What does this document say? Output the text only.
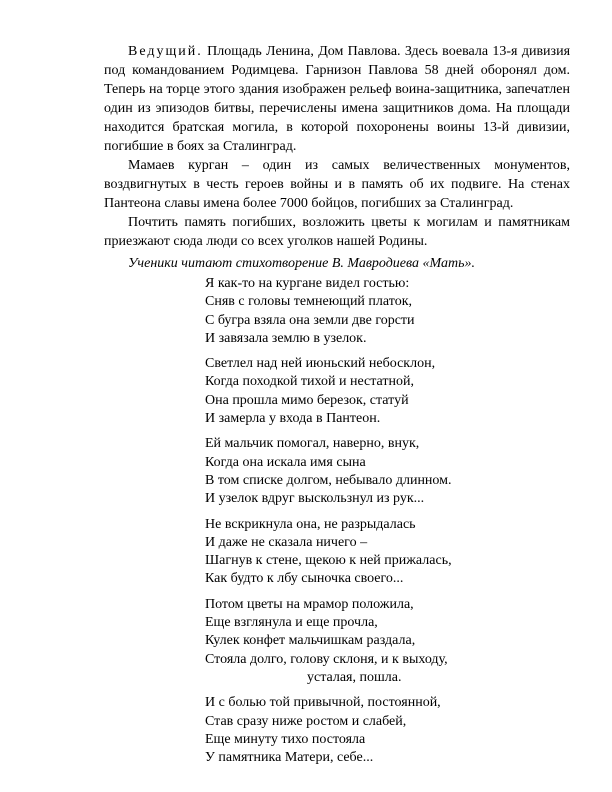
Ведущий. Площадь Ленина, Дом Павлова. Здесь воевала 13-я дивизия под командованием Родимцева. Гарнизон Павлова 58 дней оборонял дом. Теперь на торце этого здания изображен рельеф воина-защитника, запечатлен один из эпизодов битвы, перечислены имена защитников дома. На площади находится братская могила, в которой похоронены воины 13-й дивизии, погибшие в боях за Сталинград.

Мамаев курган – один из самых величественных монументов, воздвигнутых в честь героев войны и в память об их подвиге. На стенах Пантеона славы имена более 7000 бойцов, погибших за Сталинград.

Почтить память погибших, возложить цветы к могилам и памятникам приезжают сюда люди со всех уголков нашей Родины.

Ученики читают стихотворение В. Мавродиева «Мать».
Я как-то на кургане видел гостью:
Сняв с головы темнеющий платок,
С бугра взяла она земли две горсти
И завязала землю в узелок.
Светлел над ней июньский небосклон,
Когда походкой тихой и нестатной,
Она прошла мимо березок, статуй
И замерла у входа в Пантеон.
Ей мальчик помогал, наверно, внук,
Когда она искала имя сына
В том списке долгом, небывало длинном.
И узелок вдруг выскользнул из рук...
Не вскрикнула она, не разрыдалась
И даже не сказала ничего –
Шагнув к стене, щекою к ней прижалась,
Как будто к лбу сыночка своего...
Потом цветы на мрамор положила,
Еще взглянула и еще прочла,
Кулек конфет мальчишкам раздала,
Стояла долго, голову склоня, и к выходу,
усталая, пошла.
И с болью той привычной, постоянной,
Став сразу ниже ростом и слабей,
Еще минуту тихо постояла
У памятника Матери, себе...
